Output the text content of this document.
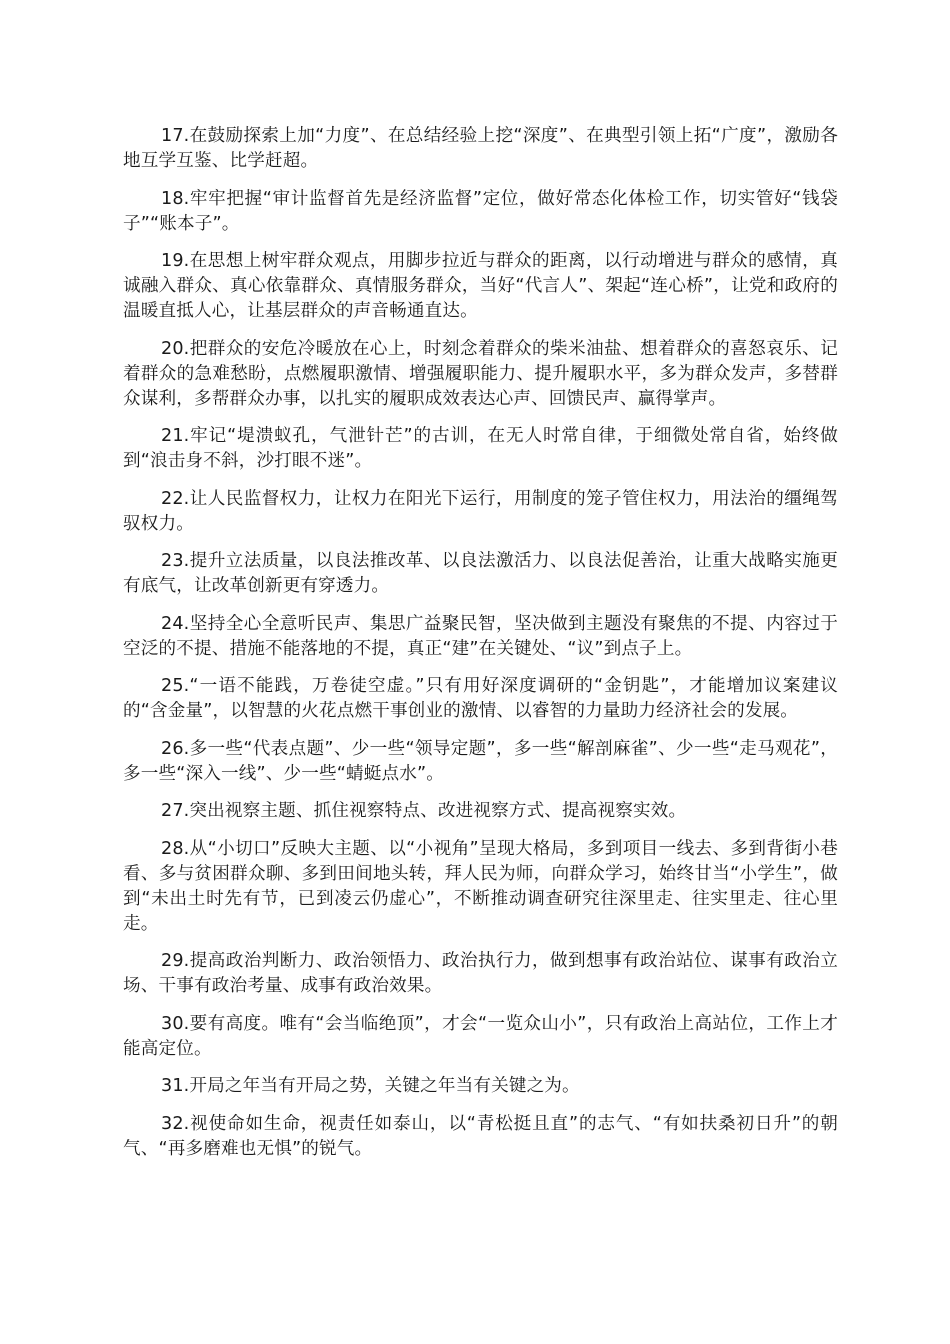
17.在鼓励探索上加“力度”、在总结经验上挖“深度”、在典型引领上拓“广度”，激励各地互学互鉴、比学赶超。

18.牢牢把握“审计监督首先是经济监督”定位，做好常态化体检工作，切实管好“钱袋子”“账本子”。

19.在思想上树牢群众观点，用脚步拉近与群众的距离，以行动增进与群众的感情，真诚融入群众、真心依靠群众、真情服务群众，当好“代言人”、架起“连心桥”，让党和政府的温暖直抵人心，让基层群众的声音畅通直达。

20.把群众的安危冷暖放在心上，时刻念着群众的柴米油盐、想着群众的喜怒哀乐、记着群众的急难愁盼，点燃履职激情、增强履职能力、提升履职水平，多为群众发声，多替群众谋利，多帮群众办事，以扎实的履职成效表达心声、回馈民声、赢得掌声。

21.牢记“堤溃蚁孔，气泄针芒”的古训，在无人时常自律，于细微处常自省，始终做到“浪击身不斜，沙打眼不迷”。

22.让人民监督权力，让权力在阳光下运行，用制度的笼子管住权力，用法治的缰绳驾驭权力。

23.提升立法质量，以良法推改革、以良法激活力、以良法促善治，让重大战略实施更有底气，让改革创新更有穿透力。

24.坚持全心全意听民声、集思广益聚民智，坚决做到主题没有聚焦的不提、内容过于空泛的不提、措施不能落地的不提，真正“建”在关键处、“议”到点子上。

25.“一语不能践，万卷徒空虚。”只有用好深度调研的“金钥匙”，才能增加议案建议的“含金量”，以智慧的火花点燃干事创业的激情、以睿智的力量助力经济社会的发展。

26.多一些“代表点题”、少一些“领导定题”，多一些“解剖麻雀”、少一些“走马观花”，多一些“深入一线”、少一些“蜻蜓点水”。

27.突出视察主题、抓住视察特点、改进视察方式、提高视察实效。

28.从“小切口”反映大主题、以“小视角”呈现大格局，多到项目一线去、多到背街小巷看、多与贫困群众聊、多到田间地头转，拜人民为师，向群众学习，始终甘当“小学生”，做到“未出土时先有节，已到凌云仍虚心”，不断推动调查研究往深里走、往实里走、往心里走。

29.提高政治判断力、政治领悟力、政治执行力，做到想事有政治站位、谋事有政治立场、干事有政治考量、成事有政治效果。

30.要有高度。唯有“会当临绝顶”，才会“一览众山小”，只有政治上高站位，工作上才能高定位。

31.开局之年当有开局之势，关键之年当有关键之为。

32.视使命如生命，视责任如泰山，以“青松挺且直”的志气、“有如扶桑初日升”的朝气、“再多磨难也无惧”的锐气。
